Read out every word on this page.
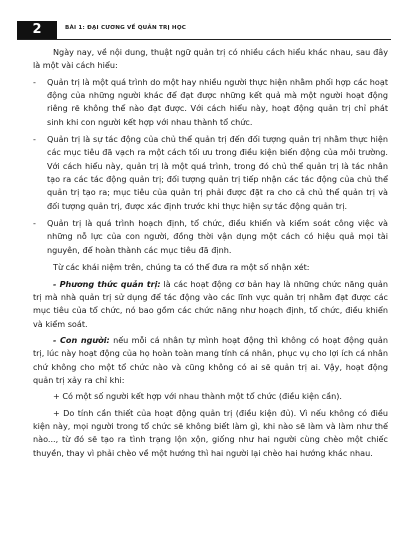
2	BÀI 1: ĐẠI CƯƠNG VỀ QUẢN TRỊ HỌC

Ngày nay, về nội dung, thuật ngữ quản trị có nhiều cách hiểu khác nhau, sau đây là một vài cách hiểu:

- Quản trị là một quá trình do một hay nhiều người thực hiện nhằm phối hợp các hoạt động của những người khác để đạt được những kết quả mà một người hoạt động riêng rẽ không thể nào đạt được. Với cách hiểu này, hoạt động quản trị chỉ phát sinh khi con người kết hợp với nhau thành tổ chức.

- Quản trị là sự tác động của chủ thể quản trị đến đối tượng quản trị nhằm thực hiện các mục tiêu đã vạch ra một cách tối ưu trong điều kiện biến động của môi trường. Với cách hiểu này, quản trị là một quá trình, trong đó chủ thể quản trị là tác nhân tạo ra các tác động quản trị; đối tượng quản trị tiếp nhận các tác động của chủ thể quản trị tạo ra; mục tiêu của quản trị phải được đặt ra cho cả chủ thể quản trị và đối tượng quản trị, được xác định trước khi thực hiện sự tác động quản trị.

- Quản trị là quá trình hoạch định, tổ chức, điều khiển và kiểm soát công việc và những nỗ lực của con người, đồng thời vận dụng một cách có hiệu quả mọi tài nguyên, để hoàn thành các mục tiêu đã định.

Từ các khái niệm trên, chúng ta có thể đưa ra một số nhận xét:

- Phương thức quản trị: là các hoạt động cơ bản hay là những chức năng quản trị mà nhà quản trị sử dụng để tác động vào các lĩnh vực quản trị nhằm đạt được các mục tiêu của tổ chức, nó bao gồm các chức năng như hoạch định, tổ chức, điều khiển và kiểm soát.

- Con người: nếu mỗi cá nhân tự mình hoạt động thì không có hoạt động quản trị, lúc này hoạt động của họ hoàn toàn mang tính cá nhân, phục vụ cho lợi ích cá nhân chứ không cho một tổ chức nào và cũng không có ai sẽ quản trị ai. Vậy, hoạt động quản trị xảy ra chỉ khi:

+ Có một số người kết hợp với nhau thành một tổ chức (điều kiện cần).

+ Do tính cần thiết của hoạt động quản trị (điều kiện đủ). Vì nếu không có điều kiện này, mọi người trong tổ chức sẽ không biết làm gì, khi nào sẽ làm và làm như thế nào..., từ đó sẽ tạo ra tình trạng lộn xộn, giống như hai người cùng chèo một chiếc thuyền, thay vì phải chèo về một hướng thì hai người lại chèo hai hướng khác nhau.
